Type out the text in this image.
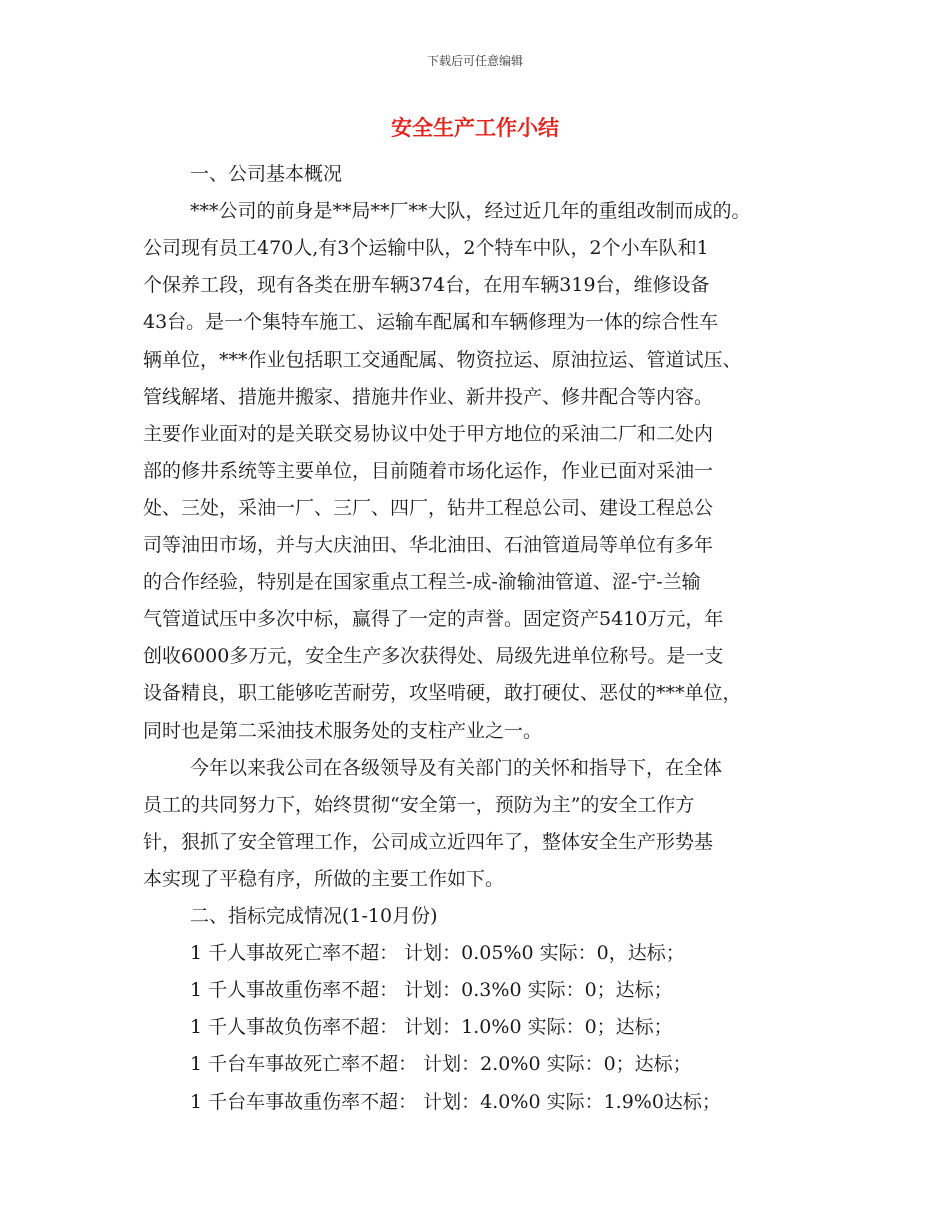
下载后可任意编辑
安全生产工作小结
一、公司基本概况
***公司的前身是**局**厂**大队，经过近几年的重组改制而成的。
公司现有员工470人,有3个运输中队，2个特车中队，2个小车队和1
个保养工段，现有各类在册车辆374台，在用车辆319台，维修设备
43台。是一个集特车施工、运输车配属和车辆修理为一体的综合性车
辆单位，***作业包括职工交通配属、物资拉运、原油拉运、管道试压、
管线解堵、措施井搬家、措施井作业、新井投产、修井配合等内容。
主要作业面对的是关联交易协议中处于甲方地位的采油二厂和二处内
部的修井系统等主要单位，目前随着市场化运作，作业已面对采油一
处、三处，采油一厂、三厂、四厂，钻井工程总公司、建设工程总公
司等油田市场，并与大庆油田、华北油田、石油管道局等单位有多年
的合作经验，特别是在国家重点工程兰-成-渝输油管道、涩-宁-兰输
气管道试压中多次中标，赢得了一定的声誉。固定资产5410万元，年
创收6000多万元，安全生产多次获得处、局级先进单位称号。是一支
设备精良，职工能够吃苦耐劳，攻坚啃硬，敢打硬仗、恶仗的***单位，
同时也是第二采油技术服务处的支柱产业之一。
今年以来我公司在各级领导及有关部门的关怀和指导下，在全体
员工的共同努力下，始终贯彻“安全第一，预防为主”的安全工作方
针，狠抓了安全管理工作，公司成立近四年了，整体安全生产形势基
本实现了平稳有序，所做的主要工作如下。
二、指标完成情况(1-10月份)
1 千人事故死亡率不超： 计划：0.05%0 实际：0，达标；
1 千人事故重伤率不超： 计划：0.3%0 实际：0；达标；
1 千人事故负伤率不超： 计划：1.0%0 实际：0；达标；
1 千台车事故死亡率不超： 计划：2.0%0 实际：0；达标；
1 千台车事故重伤率不超： 计划：4.0%0 实际：1.9%0达标；
